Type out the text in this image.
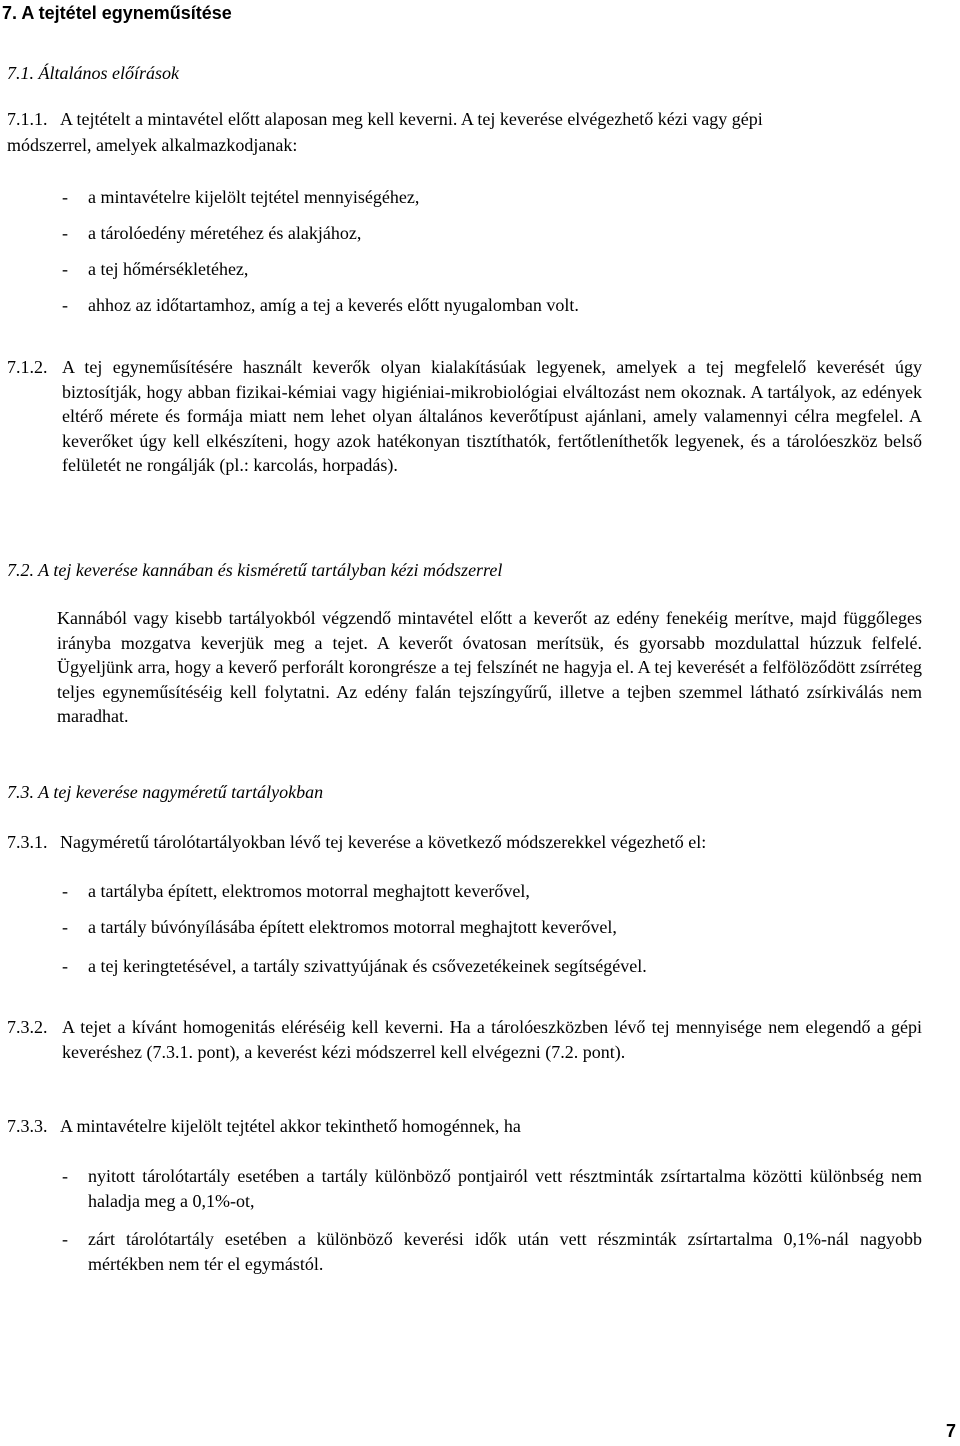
7. A tejtétel egyneműsítése
7.1. Általános előírások
7.1.1. A tejtételt a mintavétel előtt alaposan meg kell keverni. A tej keverése elvégezhető kézi vagy gépi
módszerrel, amelyek alkalmazkodjanak:
- a mintavételre kijelölt tejtétel mennyiségéhez,
- a tárolóedény méretéhez és alakjához,
- a tej hőmérsékletéhez,
- ahhoz az időtartamhoz, amíg a tej a keverés előtt nyugalomban volt.
7.1.2. A tej egyneműsítésére használt keverők olyan kialakításúak legyenek, amelyek a tej megfelelő keverését úgy biztosítják, hogy abban fizikai-kémiai vagy higiéniai-mikrobiológiai elváltozást nem okoznak. A tartályok, az edények eltérő mérete és formája miatt nem lehet olyan általános keverőtípust ajánlani, amely valamennyi célra megfelel. A keverőket úgy kell elkészíteni, hogy azok hatékonyan tisztíthatók, fertőtleníthetők legyenek, és a tárolóeszköz belső felületét ne rongálják (pl.: karcolás, horpadás).
7.2. A tej keverése kannában és kisméretű tartályban kézi módszerrel
Kannából vagy kisebb tartályokból végzendő mintavétel előtt a keverőt az edény fenekéig merítve, majd függőleges irányba mozgatva keverjük meg a tejet. A keverőt óvatosan merítsük, és gyorsabb mozdulattal húzzuk felfelé. Ügyeljünk arra, hogy a keverő perforált korongrésze a tej felszínét ne hagyja el. A tej keverését a felfölöződött zsírréteg teljes egyneműsítéséig kell folytatni. Az edény falán tejszíngyűrű, illetve a tejben szemmel látható zsírkiválás nem maradhat.
7.3. A tej keverése nagyméretű tartályokban
7.3.1. Nagyméretű tárolótartályokban lévő tej keverése a következő módszerekkel végezhető el:
- a tartályba épített, elektromos motorral meghajtott keverővel,
- a tartály búvónyílásába épített elektromos motorral meghajtott keverővel,
- a tej keringtetésével, a tartály szivattyújának és csővezetékeinek segítségével.
7.3.2. A tejet a kívánt homogenitás eléréséig kell keverni. Ha a tárolóeszközben lévő tej mennyisége nem elegendő a gépi keveréshez (7.3.1. pont), a keverést kézi módszerrel kell elvégezni (7.2. pont).
7.3.3. A mintavételre kijelölt tejtétel akkor tekinthető homogénnek, ha
- nyitott tárolótartály esetében a tartály különböző pontjairól vett résztminták zsírtartalma közötti különbség nem haladja meg a 0,1%-ot,
- zárt tárolótartály esetében a különböző keverési idők után vett részminták zsírtartalma 0,1%-nál nagyobb mértékben nem tér el egymástól.
7
